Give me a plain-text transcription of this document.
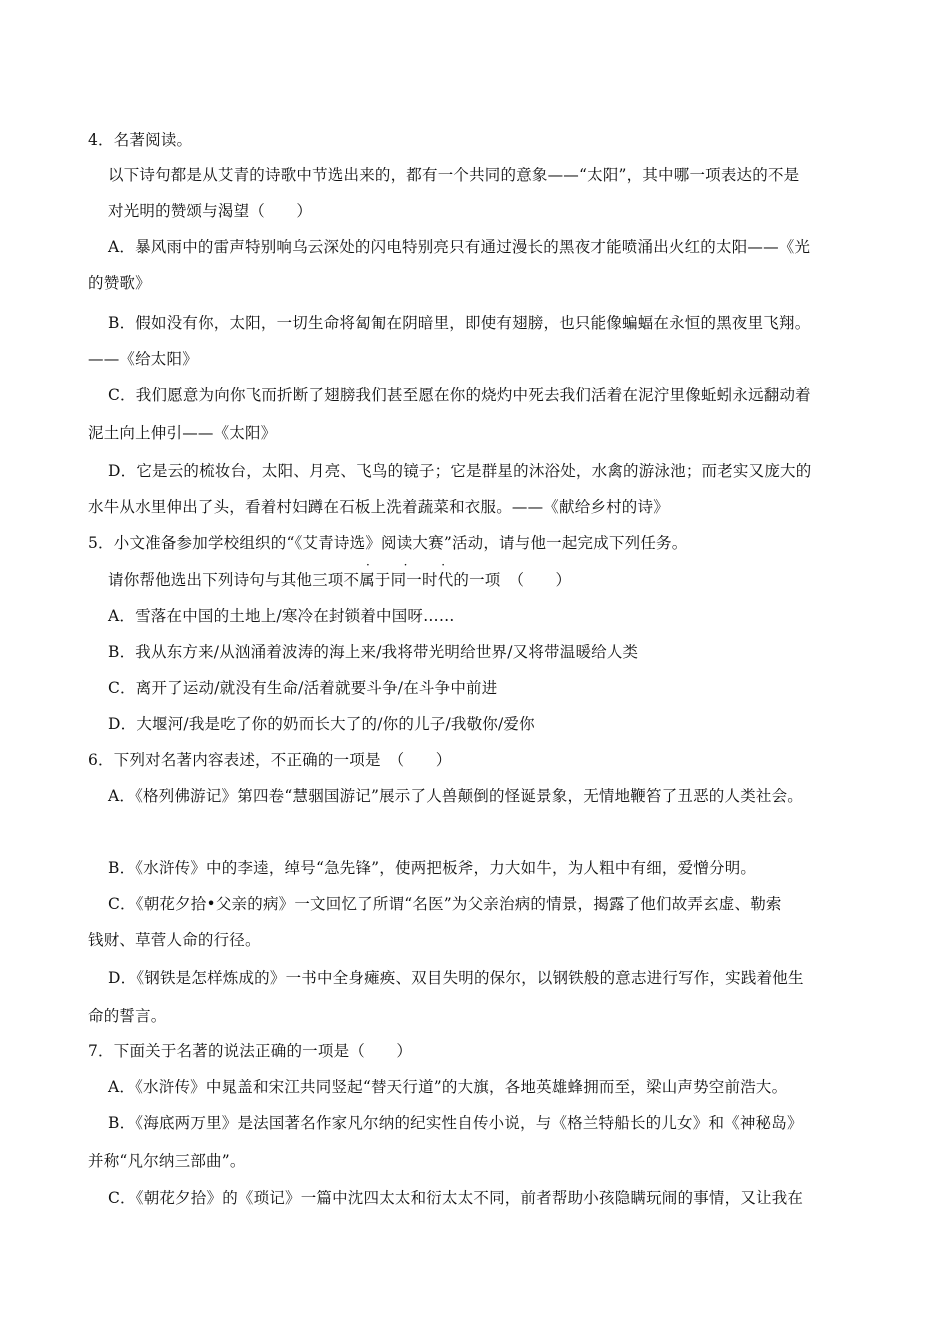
4．名著阅读。
以下诗句都是从艾青的诗歌中节选出来的，都有一个共同的意象——“太阳”，其中哪一项表达的不是
对光明的赞颂与渴望（　　）
A．暴风雨中的雷声特别响乌云深处的闪电特别亮只有通过漫长的黑夜才能喷涌出火红的太阳——《光
的赞歌》
B．假如没有你，太阳，一切生命将匐匍在阴暗里，即使有翅膀，也只能像蝙蝠在永恒的黑夜里飞翔。
——《给太阳》
C．我们愿意为向你飞而折断了翅膀我们甚至愿在你的烧灼中死去我们活着在泥泞里像蚯蚓永远翻动着
泥土向上伸引——《太阳》
D．它是云的梳妆台，太阳、月亮、飞鸟的镜子；它是群星的沐浴处，水禽的游泳池；而老实又庞大的
水牛从水里伸出了头，看着村妇蹲在石板上洗着蔬菜和衣服。——《献给乡村的诗》
5．小文准备参加学校组织的“《艾青诗选》阅读大赛”活动，请与他一起完成下列任务。
· · ·
请你帮他选出下列诗句与其他三项不属于同一时代的一项　（　　）
A．雪落在中国的土地上/寒冷在封锁着中国呀……
B．我从东方来/从汹涌着波涛的海上来/我将带光明给世界/又将带温暖给人类
C．离开了运动/就没有生命/活着就要斗争/在斗争中前进
D．大堰河/我是吃了你的奶而长大了的/你的儿子/我敬你/爱你
6．下列对名著内容表述，不正确的一项是　（　　）
A．《格列佛游记》第四卷“慧骃国游记”展示了人兽颠倒的怪诞景象，无情地鞭笞了丑恶的人类社会。
B．《水浒传》中的李逵，绰号“急先锋”，使两把板斧，力大如牛，为人粗中有细，爱憎分明。
C．《朝花夕拾•父亲的病》一文回忆了所谓“名医”为父亲治病的情景，揭露了他们故弄玄虚、勒索
钱财、草菅人命的行径。
D．《钢铁是怎样炼成的》一书中全身瘫痪、双目失明的保尔，以钢铁般的意志进行写作，实践着他生
命的誓言。
7．下面关于名著的说法正确的一项是（　　）
A．《水浒传》中晁盖和宋江共同竖起“替天行道”的大旗，各地英雄蜂拥而至，梁山声势空前浩大。
B．《海底两万里》是法国著名作家凡尔纳的纪实性自传小说，与《格兰特船长的儿女》和《神秘岛》
并称“凡尔纳三部曲”。
C．《朝花夕拾》的《琐记》一篇中沈四太太和衍太太不同，前者帮助小孩隐瞒玩闹的事情，又让我在
